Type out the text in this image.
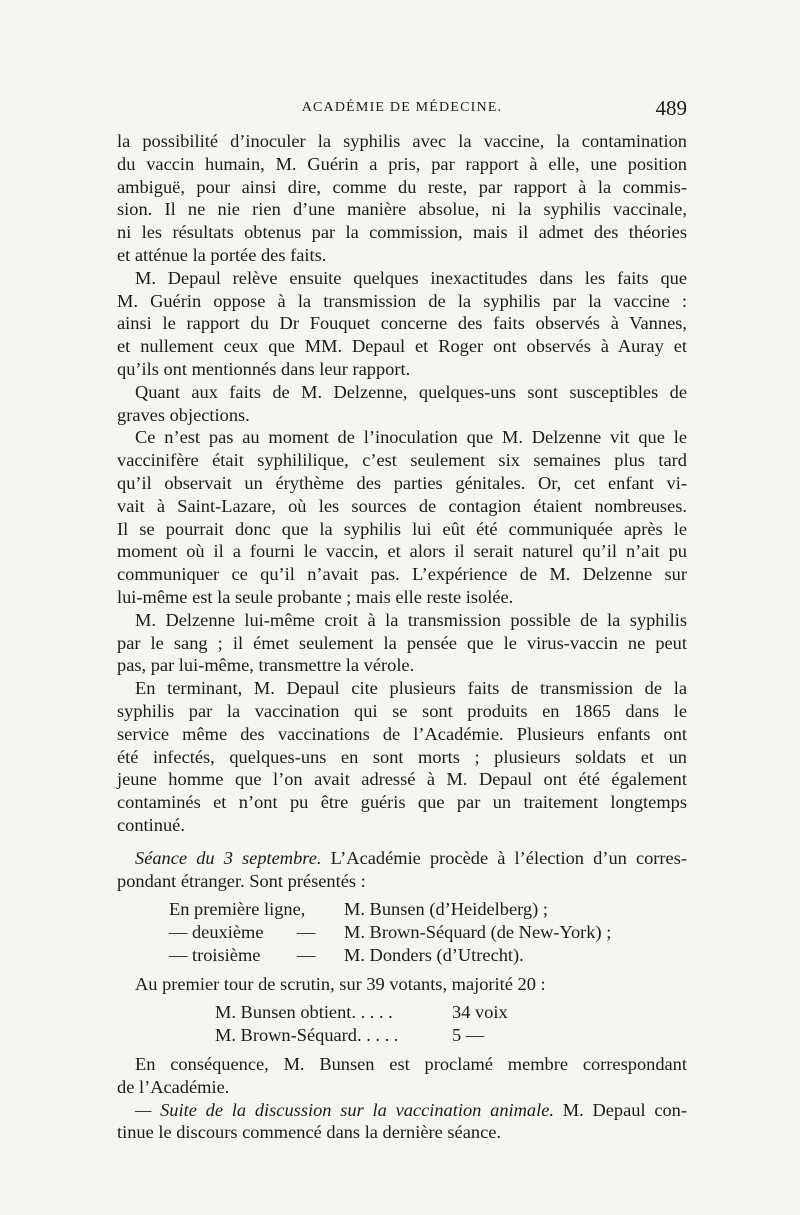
ACADÉMIE DE MÉDECINE.	489
la possibilité d’inoculer la syphilis avec la vaccine, la contamination
du vaccin humain, M. Guérin a pris, par rapport à elle, une position
ambiguë, pour ainsi dire, comme du reste, par rapport à la commis-
sion. Il ne nie rien d’une manière absolue, ni la syphilis vaccinale,
ni les résultats obtenus par la commission, mais il admet des théories
et atténue la portée des faits.
M. Depaul relève ensuite quelques inexactitudes dans les faits que
M. Guérin oppose à la transmission de la syphilis par la vaccine :
ainsi le rapport du Dr Fouquet concerne des faits observés à Vannes,
et nullement ceux que MM. Depaul et Roger ont observés à Auray et
qu’ils ont mentionnés dans leur rapport.
Quant aux faits de M. Delzenne, quelques-uns sont susceptibles de
graves objections.
Ce n’est pas au moment de l’inoculation que M. Delzenne vit que le
vaccinifère était syphililique, c’est seulement six semaines plus tard
qu’il observait un érythème des parties génitales. Or, cet enfant vi-
vait à Saint-Lazare, où les sources de contagion étaient nombreuses.
Il se pourrait donc que la syphilis lui eût été communiquée après le
moment où il a fourni le vaccin, et alors il serait naturel qu’il n’ait pu
communiquer ce qu’il n’avait pas. L’expérience de M. Delzenne sur
lui-même est la seule probante ; mais elle reste isolée.
M. Delzenne lui-même croit à la transmission possible de la syphilis
par le sang ; il émet seulement la pensée que le virus-vaccin ne peut
pas, par lui-même, transmettre la vérole.
En terminant, M. Depaul cite plusieurs faits de transmission de la
syphilis par la vaccination qui se sont produits en 1865 dans le
service même des vaccinations de l’Académie. Plusieurs enfants ont
été infectés, quelques-uns en sont morts ; plusieurs soldats et un
jeune homme que l’on avait adressé à M. Depaul ont été également
contaminés et n’ont pu être guéris que par un traitement longtemps
continué.
Séance du 3 septembre. L’Académie procède à l’élection d’un corres-
pondant étranger. Sont présentés :
En première ligne, M. Bunsen (d’Heidelberg) ;
— deuxième — M. Brown-Séquard (de New-York) ;
— troisième — M. Donders (d’Utrecht).
Au premier tour de scrutin, sur 39 votants, majorité 20 :
M. Bunsen obtient. . . . .	34 voix
M. Brown-Séquard. . . . .	5 —
En conséquence, M. Bunsen est proclamé membre correspondant
de l’Académie.
— Suite de la discussion sur la vaccination animale. M. Depaul con-
tinue le discours commencé dans la dernière séance.
